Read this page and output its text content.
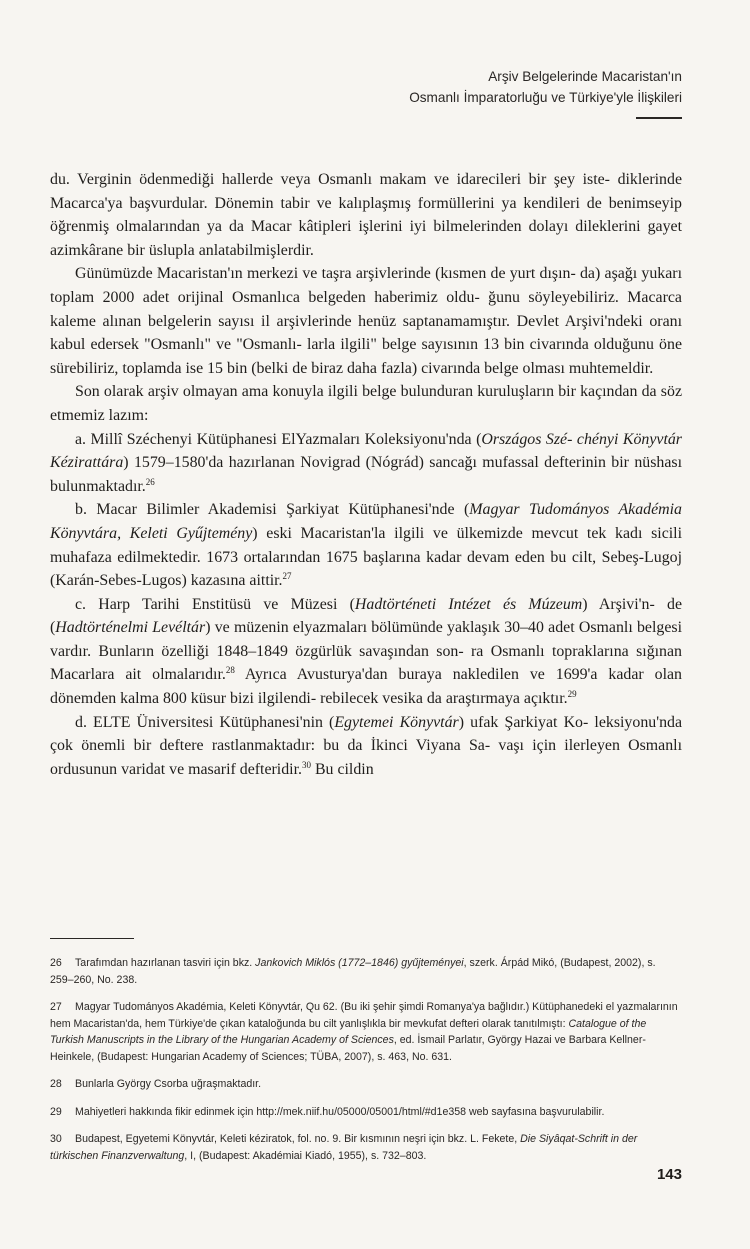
Arşiv Belgelerinde Macaristan'ın
Osmanlı İmparatorluğu ve Türkiye'yle İlişkileri

du. Verginin ödenmediği hallerde veya Osmanlı makam ve idarecileri bir şey iste- diklerinde Macarca'ya başvurdular. Dönemin tabir ve kalıplaşmış formüllerini ya kendileri de benimseyip öğrenmiş olmalarından ya da Macar kâtipleri işlerini iyi bilmelerinden dolayı dileklerini gayet azimkârane bir üslupla anlatabilmişlerdir.

Günümüzde Macaristan'ın merkezi ve taşra arşivlerinde (kısmen de yurt dışın- da) aşağı yukarı toplam 2000 adet orijinal Osmanlıca belgeden haberimiz oldu- ğunu söyleyebiliriz. Macarca kaleme alınan belgelerin sayısı il arşivlerinde henüz saptanamamıştır. Devlet Arşivi'ndeki oranı kabul edersek "Osmanlı" ve "Osmanlı- larla ilgili" belge sayısının 13 bin civarında olduğunu öne sürebiliriz, toplamda ise 15 bin (belki de biraz daha fazla) civarında belge olması muhtemeldir.

Son olarak arşiv olmayan ama konuyla ilgili belge bulunduran kuruluşların bir kaçından da söz etmemiz lazım:

a. Millî Széchenyi Kütüphanesi ElYazmaları Koleksiyonu'nda (Országos Szé- chényi Könyvtár Kézirattára) 1579–1580'da hazırlanan Novigrad (Nógrád) sancağı mufassal defterinin bir nüshası bulunmaktadır.$^{26}$

b. Macar Bilimler Akademisi Şarkiyat Kütüphanesi'nde (Magyar Tudományos Akadémia Könyvtára, Keleti Gyűjtemény) eski Macaristan'la ilgili ve ülkemizde mevcut tek kadı sicili muhafaza edilmektedir. 1673 ortalarından 1675 başlarına kadar devam eden bu cilt, Sebeş-Lugoj (Karán-Sebes-Lugos) kazasına aittir.$^{27}$

c. Harp Tarihi Enstitüsü ve Müzesi (Hadtörténeti Intézet és Múzeum) Arşivi'n- de (Hadtörténelmi Levéltár) ve müzenin elyazmaları bölümünde yaklaşık 30–40 adet Osmanlı belgesi vardır. Bunların özelliği 1848–1849 özgürlük savaşından son- ra Osmanlı topraklarına sığınan Macarlara ait olmalarıdır.$^{28}$ Ayrıca Avusturya'dan buraya nakledilen ve 1699'a kadar olan dönemden kalma 800 küsur bizi ilgilendi- rebilecek vesika da araştırmaya açıktır.$^{29}$

d. ELTE Üniversitesi Kütüphanesi'nin (Egytemei Könyvtár) ufak Şarkiyat Ko- leksiyonu'nda çok önemli bir deftere rastlanmaktadır: bu da İkinci Viyana Sa- vaşı için ilerleyen Osmanlı ordusunun varidat ve masarif defteridir.$^{30}$ Bu cildin

26 Tarafımdan hazırlanan tasviri için bkz. Jankovich Miklós (1772–1846) gyűjteményei, szerk. Árpád Mikó, (Budapest, 2002), s. 259–260, No. 238.
27 Magyar Tudományos Akadémia, Keleti Könyvtár, Qu 62. (Bu iki şehir şimdi Romanya'ya bağlıdır.) Kütüphanedeki el yazmalarının hem Macaristan'da, hem Türkiye'de çıkan kataloğunda bu cilt yanlışlıkla bir mevkufat defteri olarak tanıtılmıştı: Catalogue of the Turkish Manuscripts in the Library of the Hungarian Academy of Sciences, ed. İsmail Parlatır, György Hazai ve Barbara Kellner-Heinkele, (Budapest: Hungarian Academy of Sciences; TÜBA, 2007), s. 463, No. 631.
28 Bunlarla György Csorba uğraşmaktadır.
29 Mahiyetleri hakkında fikir edinmek için http://mek.niif.hu/05000/05001/html/#d1e358 web sayfasına başvurulabilir.
30 Budapest, Egyetemi Könyvtár, Keleti kéziratok, fol. no. 9. Bir kısmının neşri için bkz. L. Fekete, Die Siyâqat-Schrift in der türkischen Finanzverwaltung, I, (Budapest: Akadémiai Kiadó, 1955), s. 732–803.
143
